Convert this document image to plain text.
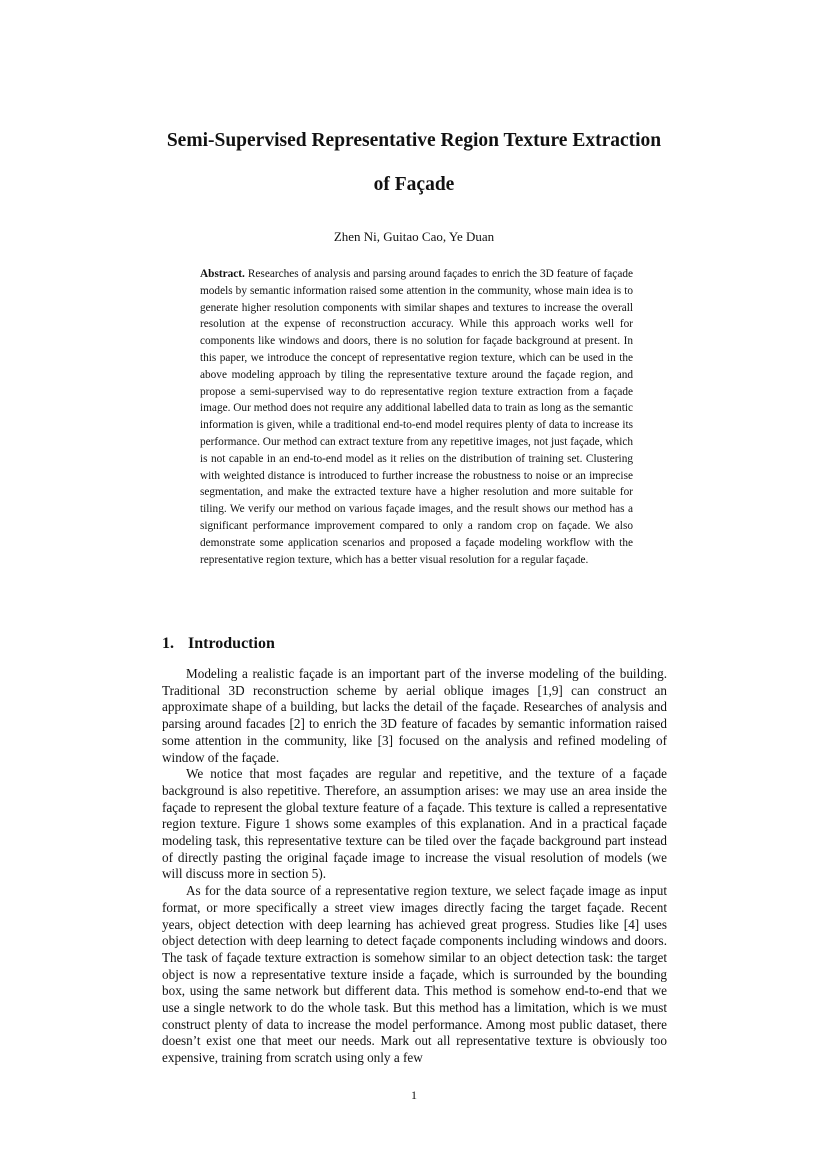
Semi-Supervised Representative Region Texture Extraction
of Façade
Zhen Ni, Guitao Cao, Ye Duan

Abstract. Researches of analysis and parsing around façades to enrich the 3D feature of façade models by semantic information raised some attention in the community, whose main idea is to generate higher resolution components with similar shapes and textures to increase the overall resolution at the expense of reconstruction accuracy. While this approach works well for components like windows and doors, there is no solution for façade background at present. In this paper, we introduce the concept of representative region texture, which can be used in the above modeling approach by tiling the representative texture around the façade region, and propose a semi-supervised way to do representative region texture extraction from a façade image. Our method does not require any additional labelled data to train as long as the semantic information is given, while a traditional end-to-end model requires plenty of data to increase its performance. Our method can extract texture from any repetitive images, not just façade, which is not capable in an end-to-end model as it relies on the distribution of training set. Clustering with weighted distance is introduced to further increase the robustness to noise or an imprecise segmentation, and make the extracted texture have a higher resolution and more suitable for tiling. We verify our method on various façade images, and the result shows our method has a significant performance improvement compared to only a random crop on façade. We also demonstrate some application scenarios and proposed a façade modeling workflow with the representative region texture, which has a better visual resolution for a regular façade.

1. Introduction

Modeling a realistic façade is an important part of the inverse modeling of the building. Traditional 3D reconstruction scheme by aerial oblique images [1,9] can construct an approximate shape of a building, but lacks the detail of the façade. Researches of analysis and parsing around facades [2] to enrich the 3D feature of facades by semantic information raised some attention in the community, like [3] focused on the analysis and refined modeling of window of the façade.

We notice that most façades are regular and repetitive, and the texture of a façade background is also repetitive. Therefore, an assumption arises: we may use an area inside the façade to represent the global texture feature of a façade. This texture is called a representative region texture. Figure 1 shows some examples of this explanation. And in a practical façade modeling task, this representative texture can be tiled over the façade background part instead of directly pasting the original façade image to increase the visual resolution of models (we will discuss more in section 5).

As for the data source of a representative region texture, we select façade image as input format, or more specifically a street view images directly facing the target façade. Recent years, object detection with deep learning has achieved great progress. Studies like [4] uses object detection with deep learning to detect façade components including windows and doors. The task of façade texture extraction is somehow similar to an object detection task: the target object is now a representative texture inside a façade, which is surrounded by the bounding box, using the same network but different data. This method is somehow end-to-end that we use a single network to do the whole task. But this method has a limitation, which is we must construct plenty of data to increase the model performance. Among most public dataset, there doesn’t exist one that meet our needs. Mark out all representative texture is obviously too expensive, training from scratch using only a few

1
